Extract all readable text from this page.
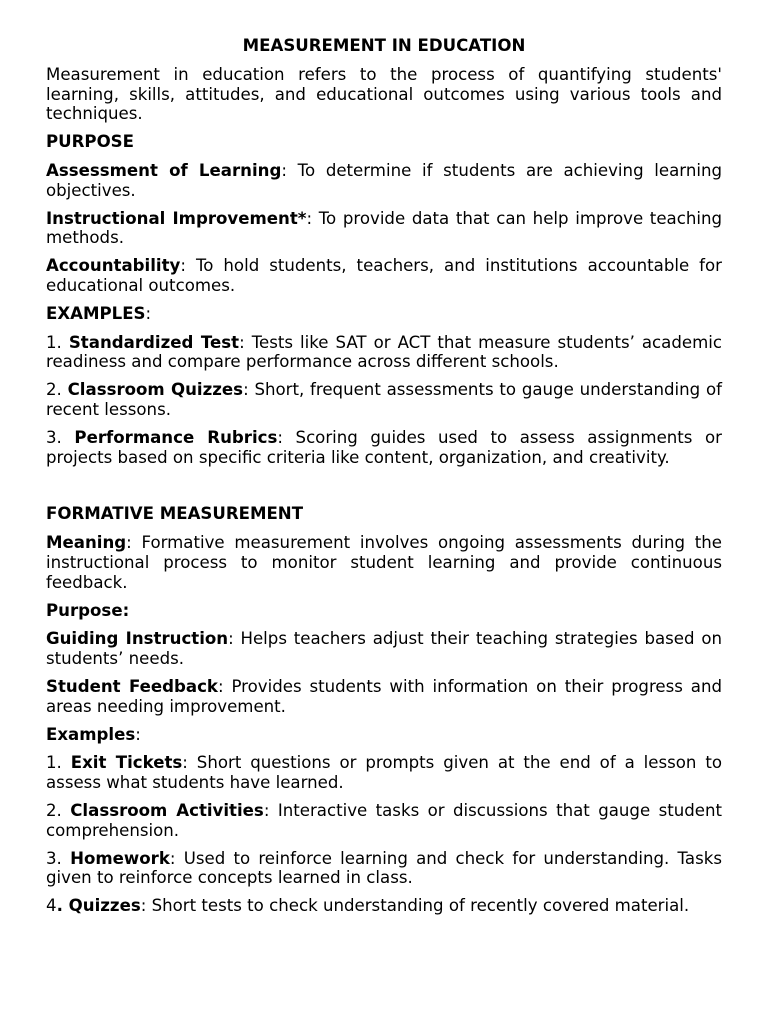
MEASUREMENT IN EDUCATION

Measurement in education refers to the process of quantifying students' learning, skills, attitudes, and educational outcomes using various tools and techniques.

PURPOSE

Assessment of Learning: To determine if students are achieving learning objectives.

Instructional Improvement*: To provide data that can help improve teaching methods.

Accountability: To hold students, teachers, and institutions accountable for educational outcomes.

EXAMPLES:

1. Standardized Test: Tests like SAT or ACT that measure students’ academic readiness and compare performance across different schools.

2. Classroom Quizzes: Short, frequent assessments to gauge understanding of recent lessons.

3. Performance Rubrics: Scoring guides used to assess assignments or projects based on specific criteria like content, organization, and creativity.

FORMATIVE MEASUREMENT

Meaning: Formative measurement involves ongoing assessments during the instructional process to monitor student learning and provide continuous feedback.

Purpose:

Guiding Instruction: Helps teachers adjust their teaching strategies based on students’ needs.

Student Feedback: Provides students with information on their progress and areas needing improvement.

Examples:

1. Exit Tickets: Short questions or prompts given at the end of a lesson to assess what students have learned.

2. Classroom Activities: Interactive tasks or discussions that gauge student comprehension.

3. Homework: Used to reinforce learning and check for understanding. Tasks given to reinforce concepts learned in class.

4. Quizzes: Short tests to check understanding of recently covered material.
